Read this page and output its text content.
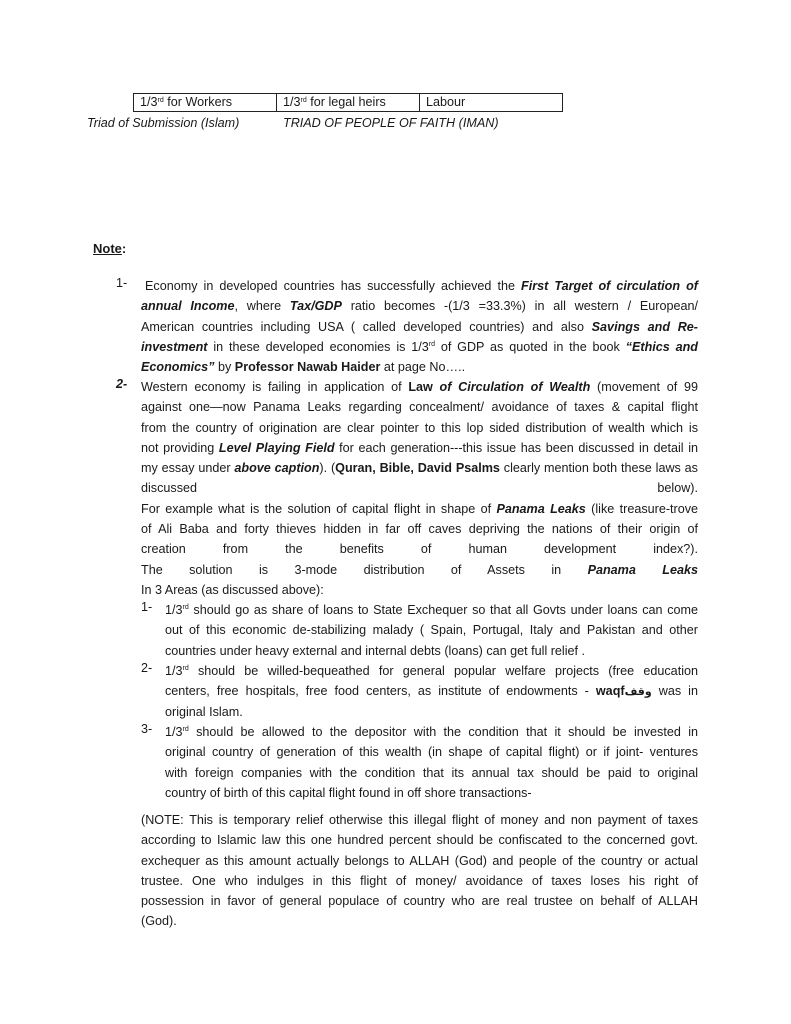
1/3rd for Workers	1/3rd for legal heirs	Labour
Triad of Submission (Islam)	TRIAD OF PEOPLE OF FAITH (IMAN)
Note:
1-	Economy in developed countries has successfully achieved the First Target of circulation of
annual Income, where Tax/GDP ratio becomes -(1/3 =33.3%) in all western / European/
American countries including USA ( called developed countries) and also Savings and Re-
investment in these developed economies is 1/3rd of GDP as quoted in the book “Ethics and
Economics” by Professor Nawab Haider at page No…..
2- Western economy is failing in application of Law of Circulation of Wealth (movement of 99
against one—now Panama Leaks regarding concealment/ avoidance of taxes & capital flight
from the country of origination are clear pointer to this lop sided distribution of wealth which is
not providing Level Playing Field for each generation---this issue has been discussed in detail in
my essay under above caption). (Quran, Bible, David Psalms clearly mention both these laws as
discussed below).
For example what is the solution of capital flight in shape of Panama Leaks (like treasure-trove
of Ali Baba and forty thieves hidden in far off caves depriving the nations of their origin of
creation from the benefits of human development index?).
The solution is 3-mode distribution of Assets in Panama Leaks
In 3 Areas (as discussed above):
1- 1/3rd should go as share of loans to State Exchequer so that all Govts under loans can come
out of this economic de-stabilizing malady ( Spain, Portugal, Italy and Pakistan and other
countries under heavy external and internal debts (loans) can get full relief .
2- 1/3rd should be willed-bequeathed for general popular welfare projects (free education
centers, free hospitals, free food centers, as institute of endowments - waqfوقف was in
original Islam.
3- 1/3rd should be allowed to the depositor with the condition that it should be invested in
original country of generation of this wealth (in shape of capital flight) or if joint- ventures
with foreign companies with the condition that its annual tax should be paid to original
country of birth of this capital flight found in off shore transactions-
(NOTE: This is temporary relief otherwise this illegal flight of money and non payment of taxes
according to Islamic law this one hundred percent should be confiscated to the concerned govt.
exchequer as this amount actually belongs to ALLAH (God) and people of the country or actual
trustee. One who indulges in this flight of money/ avoidance of taxes loses his right of
possession in favor of general populace of country who are real trustee on behalf of ALLAH
(God).
